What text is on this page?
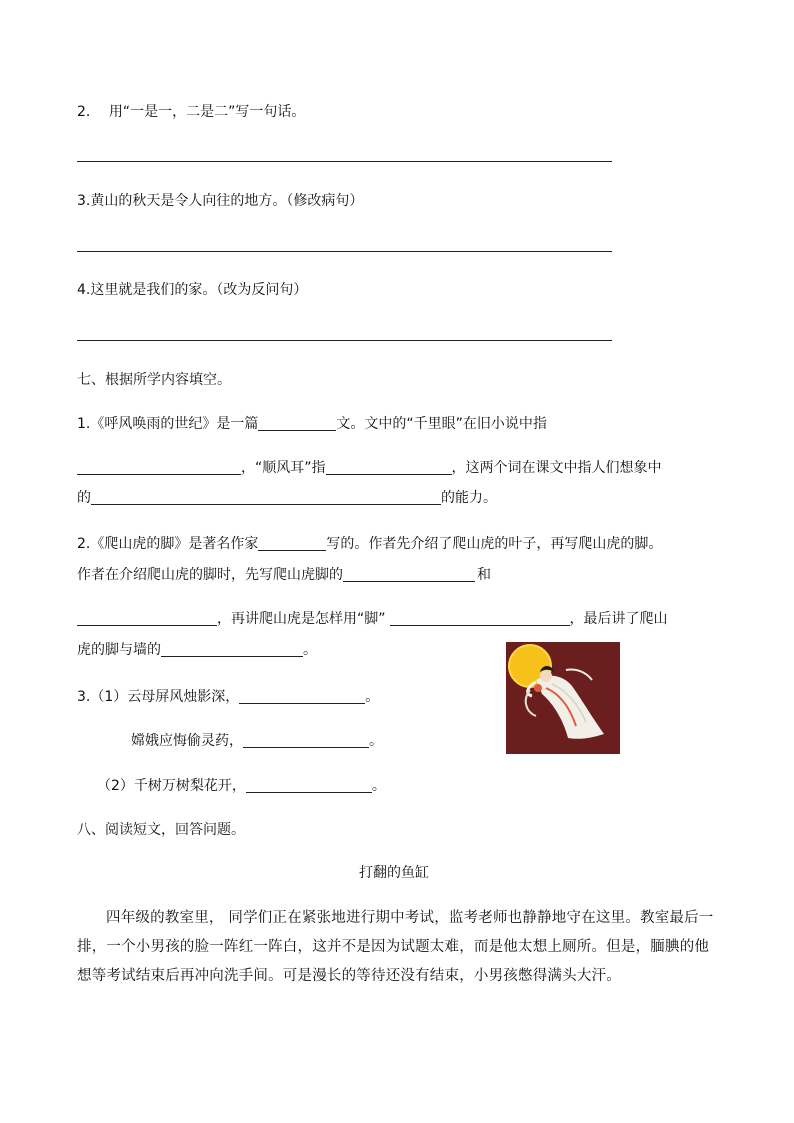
2. 用“一是一，二是二”写一句话。
3.黄山的秋天是令人向往的地方。（修改病句）
4.这里就是我们的家。（改为反问句）
七、根据所学内容填空。
1.《呼风唤雨的世纪》是一篇	文。文中的“千里眼”在旧小说中指
，“顺风耳”指	，这两个词在课文中指人们想象中
的	的能力。
2.《爬山虎的脚》是著名作家	写的。作者先介绍了爬山虎的叶子，再写爬山虎的脚。
作者在介绍爬山虎的脚时，先写爬山虎脚的	和
，再讲爬山虎是怎样用“脚”	，最后讲了爬山
虎的脚与墙的	。
3.（1）云母屏风烛影深，	。
嫦娥应悔偷灵药，	。
（2）千树万树梨花开，	。
八、阅读短文，回答问题。
打翻的鱼缸
四年级的教室里， 同学们正在紧张地进行期中考试，监考老师也静静地守在这里。教室最后一排，一个小男孩的脸一阵红一阵白，这并不是因为试题太难，而是他太想上厕所。但是，腼腆的他想等考试结束后再冲向洗手间。可是漫长的等待还没有结束，小男孩憋得满头大汗。
